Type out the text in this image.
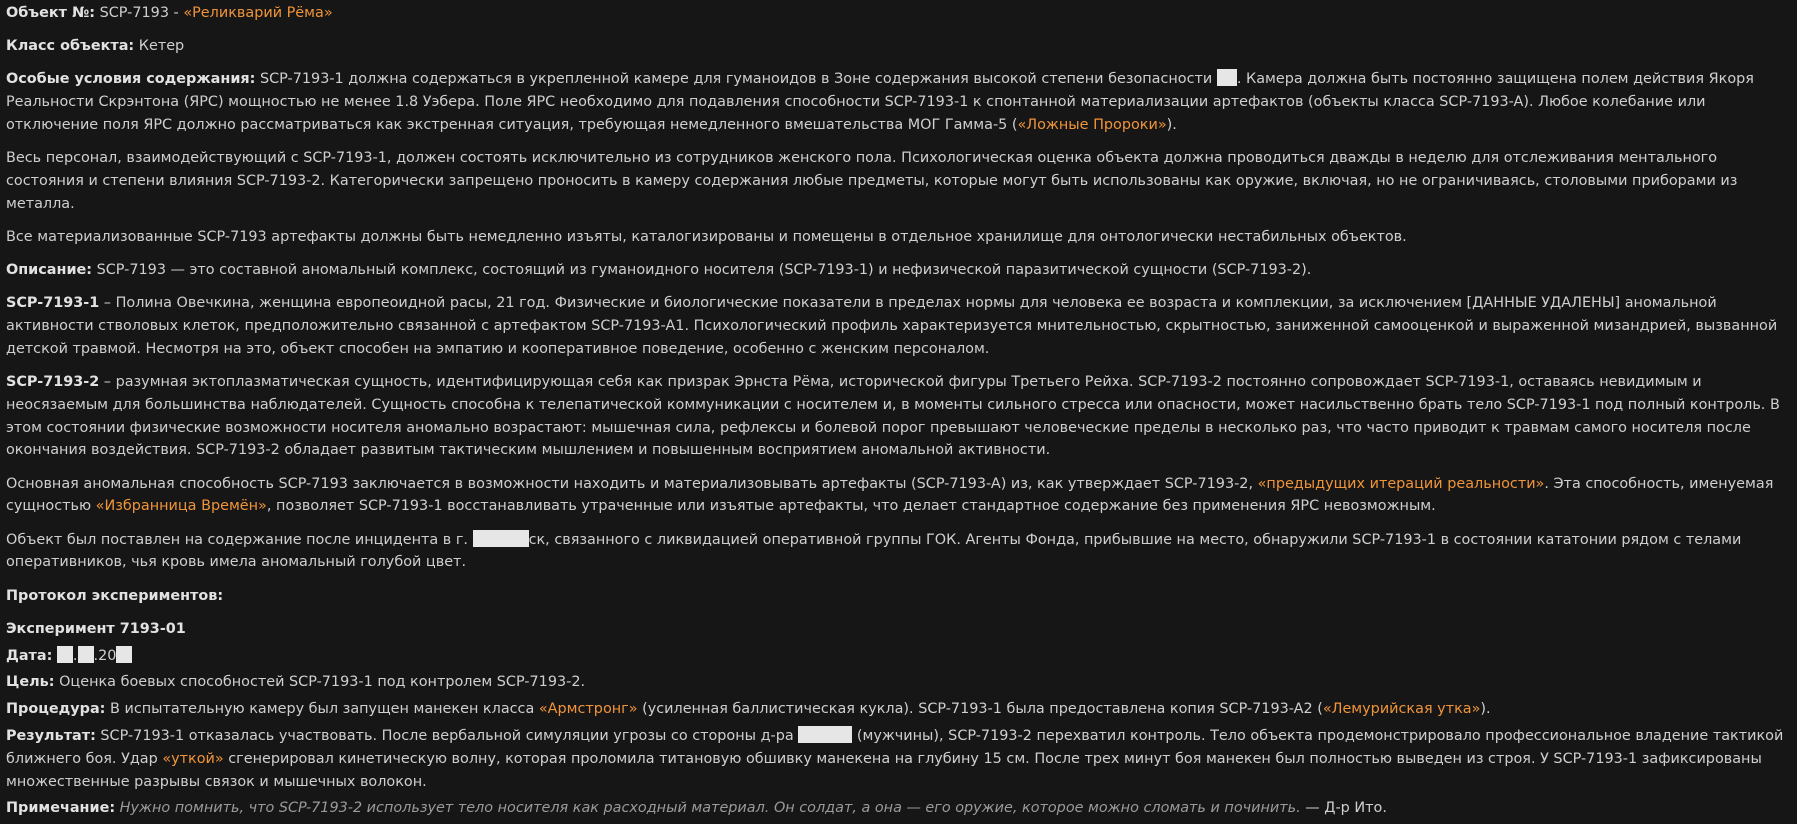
Объект №: SCP-7193 - «Реликварий Рёма»

Класс объекта: Кетер

Особые условия содержания: SCP-7193-1 должна содержаться в укрепленной камере для гуманоидов в Зоне содержания высокой степени безопасности . Камера должна быть постоянно защищена полем действия Якоря Реальности Скрэнтона (ЯРС) мощностью не менее 1.8 Уэбера. Поле ЯРС необходимо для подавления способности SCP-7193-1 к спонтанной материализации артефактов (объекты класса SCP-7193-A). Любое колебание или отключение поля ЯРС должно рассматриваться как экстренная ситуация, требующая немедленного вмешательства МОГ Гамма-5 («Ложные Пророки»).

Весь персонал, взаимодействующий с SCP-7193-1, должен состоять исключительно из сотрудников женского пола. Психологическая оценка объекта должна проводиться дважды в неделю для отслеживания ментального состояния и степени влияния SCP-7193-2. Категорически запрещено проносить в камеру содержания любые предметы, которые могут быть использованы как оружие, включая, но не ограничиваясь, столовыми приборами из металла.

Все материализованные SCP-7193 артефакты должны быть немедленно изъяты, каталогизированы и помещены в отдельное хранилище для онтологически нестабильных объектов.

Описание: SCP-7193 — это составной аномальный комплекс, состоящий из гуманоидного носителя (SCP-7193-1) и нефизической паразитической сущности (SCP-7193-2).

SCP-7193-1 – Полина Овечкина, женщина европеоидной расы, 21 год. Физические и биологические показатели в пределах нормы для человека ее возраста и комплекции, за исключением [ДАННЫЕ УДАЛЕНЫ] аномальной активности стволовых клеток, предположительно связанной с артефактом SCP-7193-A1. Психологический профиль характеризуется мнительностью, скрытностью, заниженной самооценкой и выраженной мизандрией, вызванной детской травмой. Несмотря на это, объект способен на эмпатию и кооперативное поведение, особенно с женским персоналом.

SCP-7193-2 – разумная эктоплазматическая сущность, идентифицирующая себя как призрак Эрнста Рёма, исторической фигуры Третьего Рейха. SCP-7193-2 постоянно сопровождает SCP-7193-1, оставаясь невидимым и неосязаемым для большинства наблюдателей. Сущность способна к телепатической коммуникации с носителем и, в моменты сильного стресса или опасности, может насильственно брать тело SCP-7193-1 под полный контроль. В этом состоянии физические возможности носителя аномально возрастают: мышечная сила, рефлексы и болевой порог превышают человеческие пределы в несколько раз, что часто приводит к травмам самого носителя после окончания воздействия. SCP-7193-2 обладает развитым тактическим мышлением и повышенным восприятием аномальной активности.

Основная аномальная способность SCP-7193 заключается в возможности находить и материализовывать артефакты (SCP-7193-A) из, как утверждает SCP-7193-2, «предыдущих итераций реальности». Эта способность, именуемая сущностью «Избранница Времён», позволяет SCP-7193-1 восстанавливать утраченные или изъятые артефакты, что делает стандартное содержание без применения ЯРС невозможным.

Объект был поставлен на содержание после инцидента в г.	ск, связанного с ликвидацией оперативной группы ГОК. Агенты Фонда, прибывшие на место, обнаружили SCP-7193-1 в состоянии кататонии рядом с телами оперативников, чья кровь имела аномальный голубой цвет.

Протокол экспериментов:

Эксперимент 7193-01

Дата: . .20

Цель: Оценка боевых способностей SCP-7193-1 под контролем SCP-7193-2.

Процедура: В испытательную камеру был запущен манекен класса «Армстронг» (усиленная баллистическая кукла). SCP-7193-1 была предоставлена копия SCP-7193-A2 («Лемурийская утка»).

Результат: SCP-7193-1 отказалась участвовать. После вербальной симуляции угрозы со стороны д-ра	(мужчины), SCP-7193-2 перехватил контроль. Тело объекта продемонстрировало профессиональное владение тактикой ближнего боя. Удар «уткой» сгенерировал кинетическую волну, которая проломила титановую обшивку манекена на глубину 15 см. После трех минут боя манекен был полностью выведен из строя. У SCP-7193-1 зафиксированы множественные разрывы связок и мышечных волокон.

Примечание: Нужно помнить, что SCP-7193-2 использует тело носителя как расходный материал. Он солдат, а она — его оружие, которое можно сломать и починить. — Д-р Ито.
